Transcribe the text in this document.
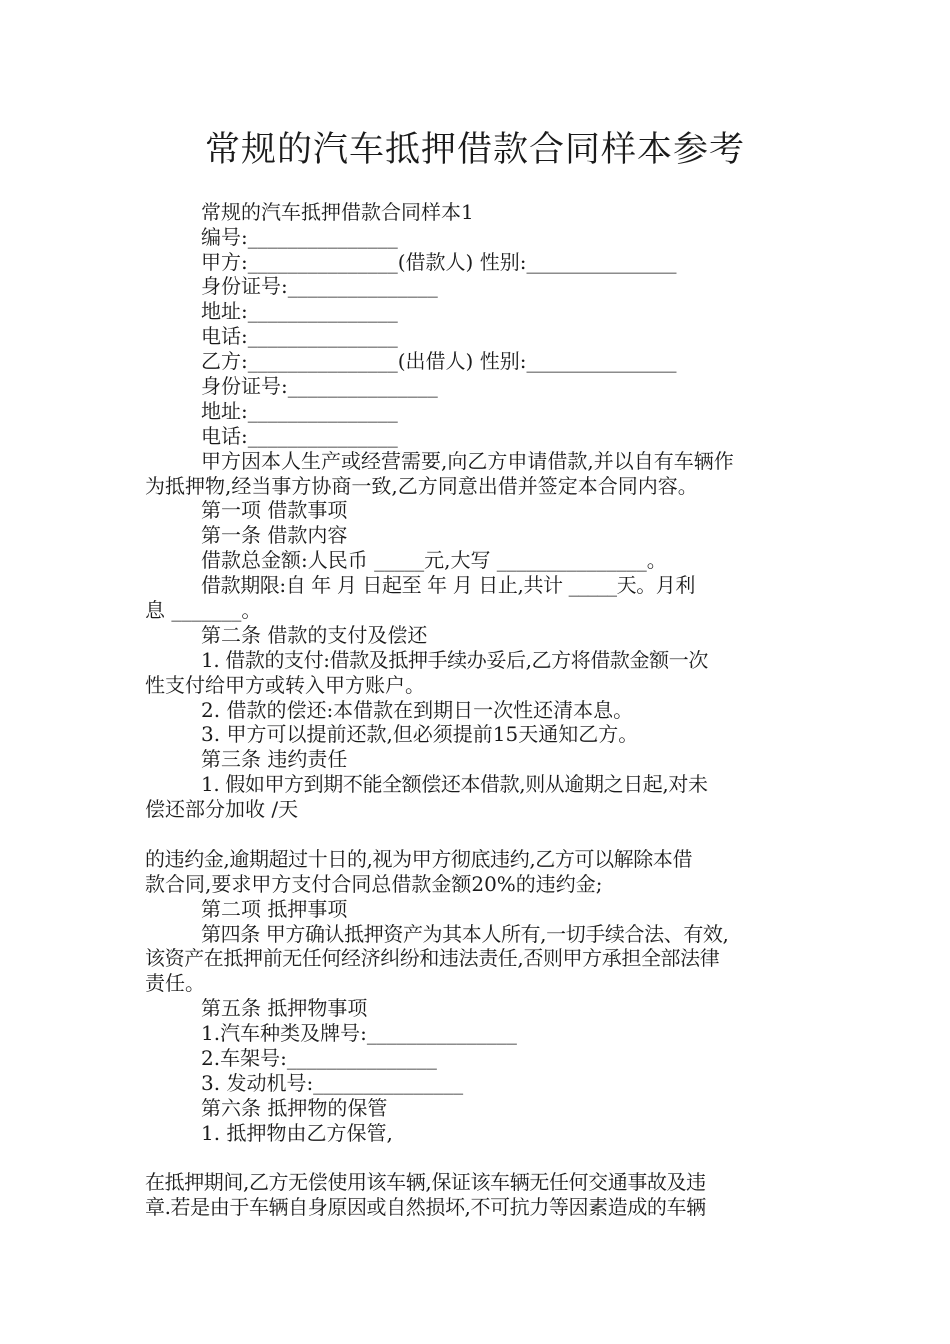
常规的汽车抵押借款合同样本参考
常规的汽车抵押借款合同样本1
编号:_______________
甲方:_______________(借款人) 性别:_______________
身份证号:_______________
地址:_______________
电话:_______________
乙方:_______________(出借人) 性别:_______________
身份证号:_______________
地址:_______________
电话:_______________
甲方因本人生产或经营需要,向乙方申请借款,并以自有车辆作
为抵押物,经当事方协商一致,乙方同意出借并签定本合同内容。
第一项 借款事项
第一条 借款内容
借款总金额:人民币 _____元,大写 _______________。
借款期限:自 年 月 日起至 年 月 日止,共计 _____天。月利
息 _______。
第二条 借款的支付及偿还
1. 借款的支付:借款及抵押手续办妥后,乙方将借款金额一次
性支付给甲方或转入甲方账户。
2. 借款的偿还:本借款在到期日一次性还清本息。
3. 甲方可以提前还款,但必须提前15天通知乙方。
第三条 违约责任
1. 假如甲方到期不能全额偿还本借款,则从逾期之日起,对未
偿还部分加收 /天
的违约金,逾期超过十日的,视为甲方彻底违约,乙方可以解除本借
款合同,要求甲方支付合同总借款金额20%的违约金;
第二项 抵押事项
第四条 甲方确认抵押资产为其本人所有,一切手续合法、有效,
该资产在抵押前无任何经济纠纷和违法责任,否则甲方承担全部法律
责任。
第五条 抵押物事项
1.汽车种类及牌号:_______________
2.车架号:_______________
3. 发动机号:_______________
第六条 抵押物的保管
1. 抵押物由乙方保管,
在抵押期间,乙方无偿使用该车辆,保证该车辆无任何交通事故及违
章.若是由于车辆自身原因或自然损坏,不可抗力等因素造成的车辆
